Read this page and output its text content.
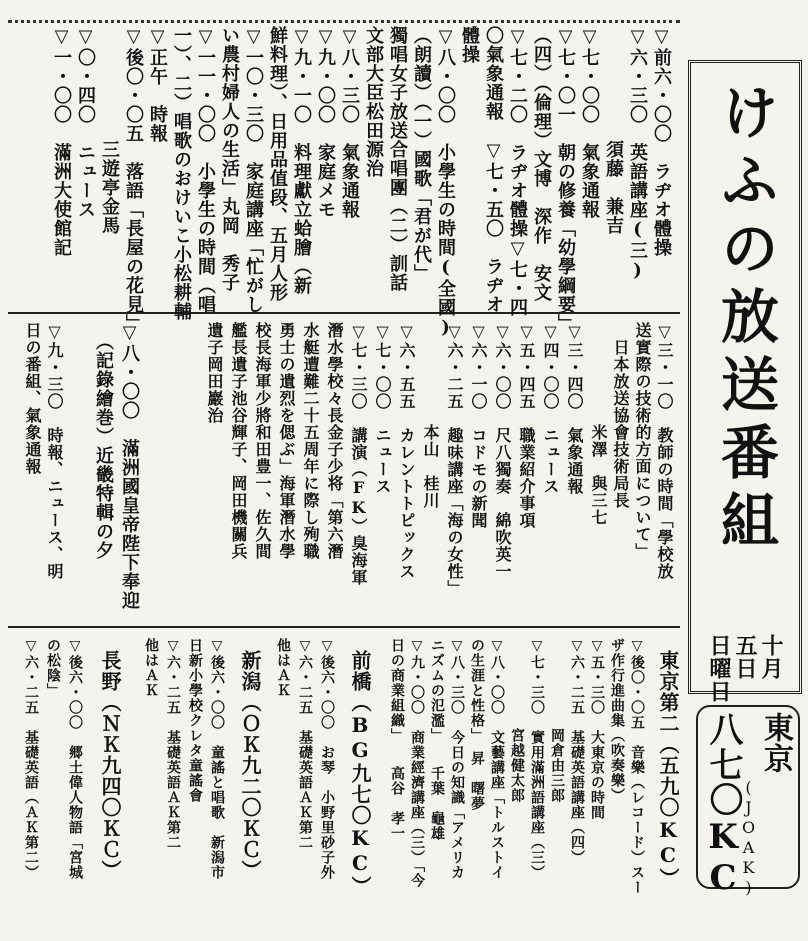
けふの放送番組
十月
五日
日曜日
東京
(JOAK)
八七〇KC
▽前六・〇〇　ラヂオ體操
▽六・三〇　英語講座(三)
　　　　　　須藤　兼吉
▽七・〇〇　氣象通報
▽七・〇一　朝の修養「幼學綱要」
（四）（倫理）文博　深作　安文
▽七・二〇　ラヂオ體操▽七・四
〇氣象通報　▽七・五〇　ラヂオ
體操
▽八・〇〇　小學生の時間(全國)
（朗讀）（一）國歌「君が代」
獨唱女子放送合唱團（二）訓話
文部大臣松田源治
▽八・三〇　氣象通報
▽九・〇〇　家庭メモ
▽九・一〇　料理獻立蛤膾（新
鮮料理）、日用品值段、五月人形
▽一〇・三〇　家庭講座「忙がし
い農村婦人の生活」丸岡　秀子
▽一一・〇〇　小學生の時間（唱
一）、二）唱歌のおけいこ小松耕輔
▽正午　時報
▽後〇・〇五　落語「長屋の花見」
　　　　　　三遊亭金馬
▽〇・四〇　ニュース
▽一・〇〇　滿洲大使館記
▽三・一〇　教師の時間「學校放
送實際の技術的方面について」
　日本放送協會技術局長
　　　　　　米澤　與三七
▽三・四〇　氣象通報
▽四・〇〇　ニュース
▽五・四五　職業紹介事項
▽六・〇〇　尺八獨奏　綿吹英一
▽六・一〇　コドモの新聞
▽六・二五　趣味講座「海の女性」
　　　　　　本山　桂川
▽六・五五　カレントトピックス
▽七・〇〇　ニュース
▽七・三〇　講演（FK）臭海軍
潛水學校々長金子少将「第六潛
水艇遭難二十五周年に際し殉職
勇士の遺烈を偲ぶ」海軍潛水學
校長海軍少將和田豊一、佐久間
艦長遺子池谷輝子、岡田機關兵
遺子岡田巖治
▽八・〇〇　滿洲國皇帝陛下奉迎
　（記錄繪巻）近畿特輯の夕
▽九・三〇　時報、ニュース、明
日の番組、氣象通報
東京第二（五九〇KC）
▽後〇・〇五　音樂（レコード）スー
ザ作行進曲集（吹奏樂）
▽五・三〇　大東京の時間
▽六・二五　基礎英語講座（四）
　　　　　　岡倉由三郎
▽七・三〇　實用滿洲語講座（三）
　　　　　　宮越健太郎
▽八・〇〇　文藝講座「トルストイ
の生涯と性格」　昇　曙夢
▽八・三〇　今日の知識「アメリカ
ニズムの氾濫」　　千葉　龜雄
▽九・〇〇　商業經濟講座（三）「今
日の商業組織」　　高谷　孝一
前橋（BG九七〇KC）
▽後六・〇〇　お琴　小野里砂子外
▽六・二五　基礎英語ＡＫ第二
他はＡＫ
新潟（ＯＫ九二〇ＫＣ）
▽後六・〇〇　童謠と唱歌　新潟市
日新小學校クレタ童謠會
▽六・二五　基礎英語ＡＫ第二
他はＡＫ
長野（ＮＫ九四〇ＫＣ）
▽後六・〇〇　郷土偉人物語「宮城
の松陰」
▽六・二五　基礎英語（ＡＫ第二）
